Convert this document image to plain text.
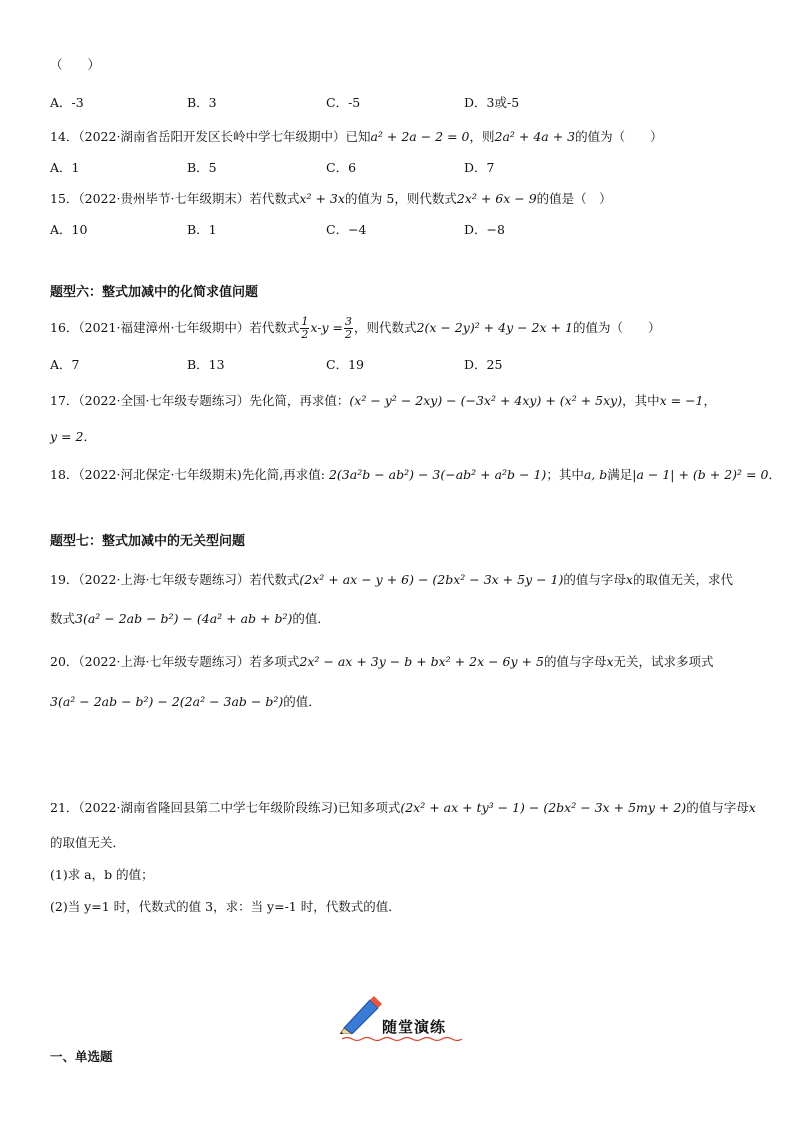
（　　）
A．-3	B．3	C．-5	D．3或-5
14．（2022·湖南省岳阳开发区长岭中学七年级期中）已知a² + 2a − 2 = 0，则2a² + 4a + 3的值为（　　）
A．1	B．5	C．6	D．7
15．（2022·贵州毕节·七年级期末）若代数式x² + 3x的值为 5，则代数式2x² + 6x − 9的值是（　）
A．10	B．1	C．−4	D．−8
题型六：整式加减中的化简求值问题
16．（2021·福建漳州·七年级期中）若代数式 $\frac{1}{2} x-y = \frac{3}{2}$ ，则代数式2(x − 2y)² + 4y − 2x + 1的值为（　　）
A．7	B．13	C．19	D．25
17．（2022·全国·七年级专题练习）先化简，再求值：(x² − y² − 2xy) − (−3x² + 4xy) + (x² + 5xy)，其中x = −1，
y = 2．
18．（2022·河北保定·七年级期末)先化简,再求值: 2(3a²b − ab²) − 3(−ab² + a²b − 1)；其中a, b满足|a − 1| + (b + 2)² = 0．
题型七：整式加减中的无关型问题
19．（2022·上海·七年级专题练习）若代数式(2x² + ax − y + 6) − (2bx² − 3x + 5y − 1)的值与字母x的取值无关，求代
数式3(a² − 2ab − b²) − (4a² + ab + b²)的值．
20．（2022·上海·七年级专题练习）若多项式2x² − ax + 3y − b + bx² + 2x − 6y + 5的值与字母x无关，试求多项式
3(a² − 2ab − b²) − 2(2a² − 3ab − b²)的值．
21．（2022·湖南省隆回县第二中学七年级阶段练习)已知多项式(2x² + ax + ty³ − 1) − (2bx² − 3x + 5my + 2)的值与字母x
的取值无关．
(1)求 a，b 的值；
(2)当 y=1 时，代数式的值 3，求：当 y=-1 时，代数式的值．
随堂演练
一、单选题
